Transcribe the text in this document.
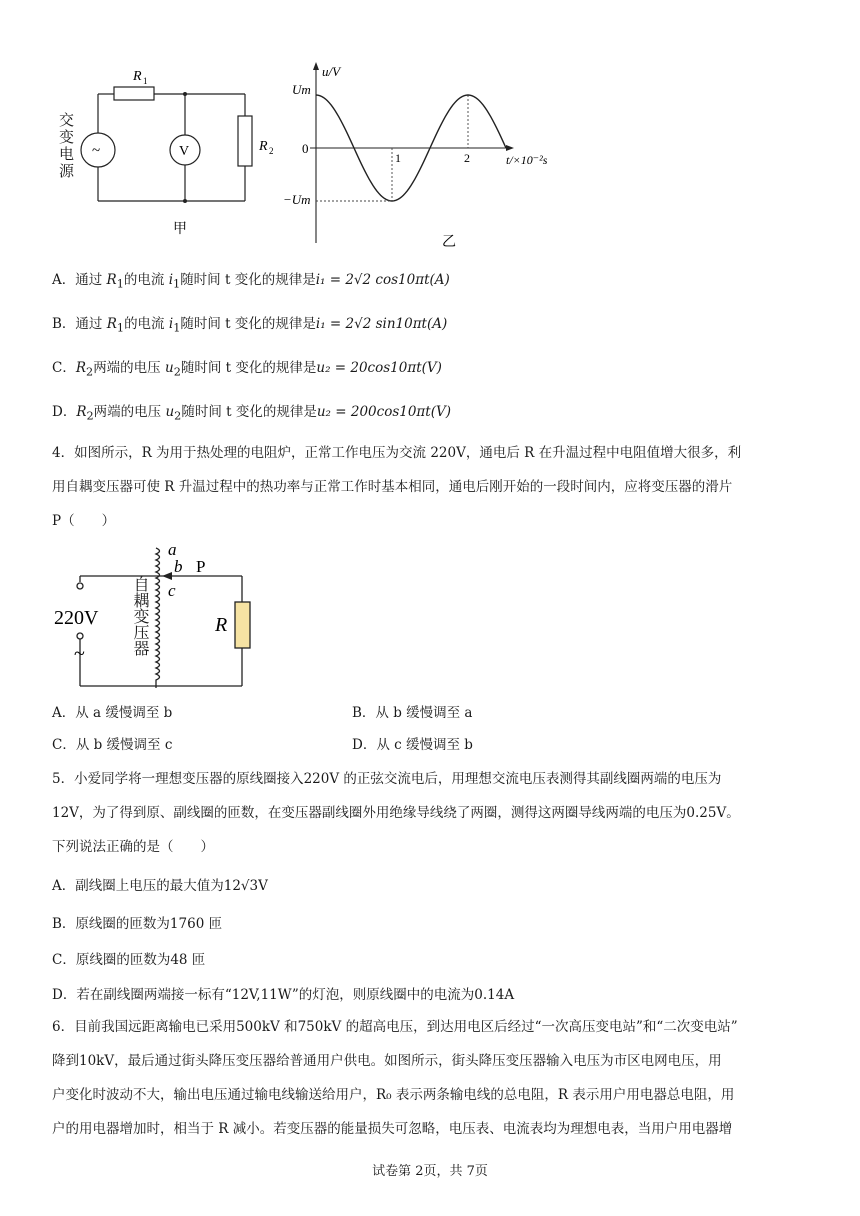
R 1
R 2
~	V
交变电源
甲
u/V
Um
0
−Um
1	2	t/×10⁻²s
乙
A．通过 $R_1$的电流 $i_1$随时间 t 变化的规律是i₁ = 2√2 cos10πt(A)
B．通过 $R_1$的电流 $i_1$随时间 t 变化的规律是i₁ = 2√2 sin10πt(A)
C．$R_2$两端的电压 $u_2$随时间 t 变化的规律是u₂ = 20cos10πt(V)
D．$R_2$两端的电压 $u_2$随时间 t 变化的规律是u₂ = 200cos10πt(V)
4．如图所示，R 为用于热处理的电阻炉，正常工作电压为交流 220V，通电后 R 在升温过程中电阻值增大很多，利
用自耦变压器可使 R 升温过程中的热功率与正常工作时基本相同，通电后刚开始的一段时间内，应将变压器的滑片
P（　　）
a
b
c
P
R
220V
~	自耦变压器
A．从 a 缓慢调至 b	B．从 b 缓慢调至 a
C．从 b 缓慢调至 c	D．从 c 缓慢调至 b
5．小爱同学将一理想变压器的原线圈接入220V 的正弦交流电后，用理想交流电压表测得其副线圈两端的电压为
12V，为了得到原、副线圈的匝数，在变压器副线圈外用绝缘导线绕了两圈，测得这两圈导线两端的电压为0.25V。
下列说法正确的是（　　）
A．副线圈上电压的最大值为12√3V
B．原线圈的匝数为1760 匝
C．原线圈的匝数为48 匝
D．若在副线圈两端接一标有“12V,11W”的灯泡，则原线圈中的电流为0.14A
6．目前我国远距离输电已采用500kV 和750kV 的超高电压，到达用电区后经过“一次高压变电站”和“二次变电站”
降到10kV，最后通过街头降压变压器给普通用户供电。如图所示，街头降压变压器输入电压为市区电网电压，用
户变化时波动不大，输出电压通过输电线输送给用户，R₀ 表示两条输电线的总电阻，R 表示用户用电器总电阻，用
户的用电器增加时，相当于 R 减小。若变压器的能量损失可忽略，电压表、电流表均为理想电表，当用户用电器增
试卷第 2页，共 7页
